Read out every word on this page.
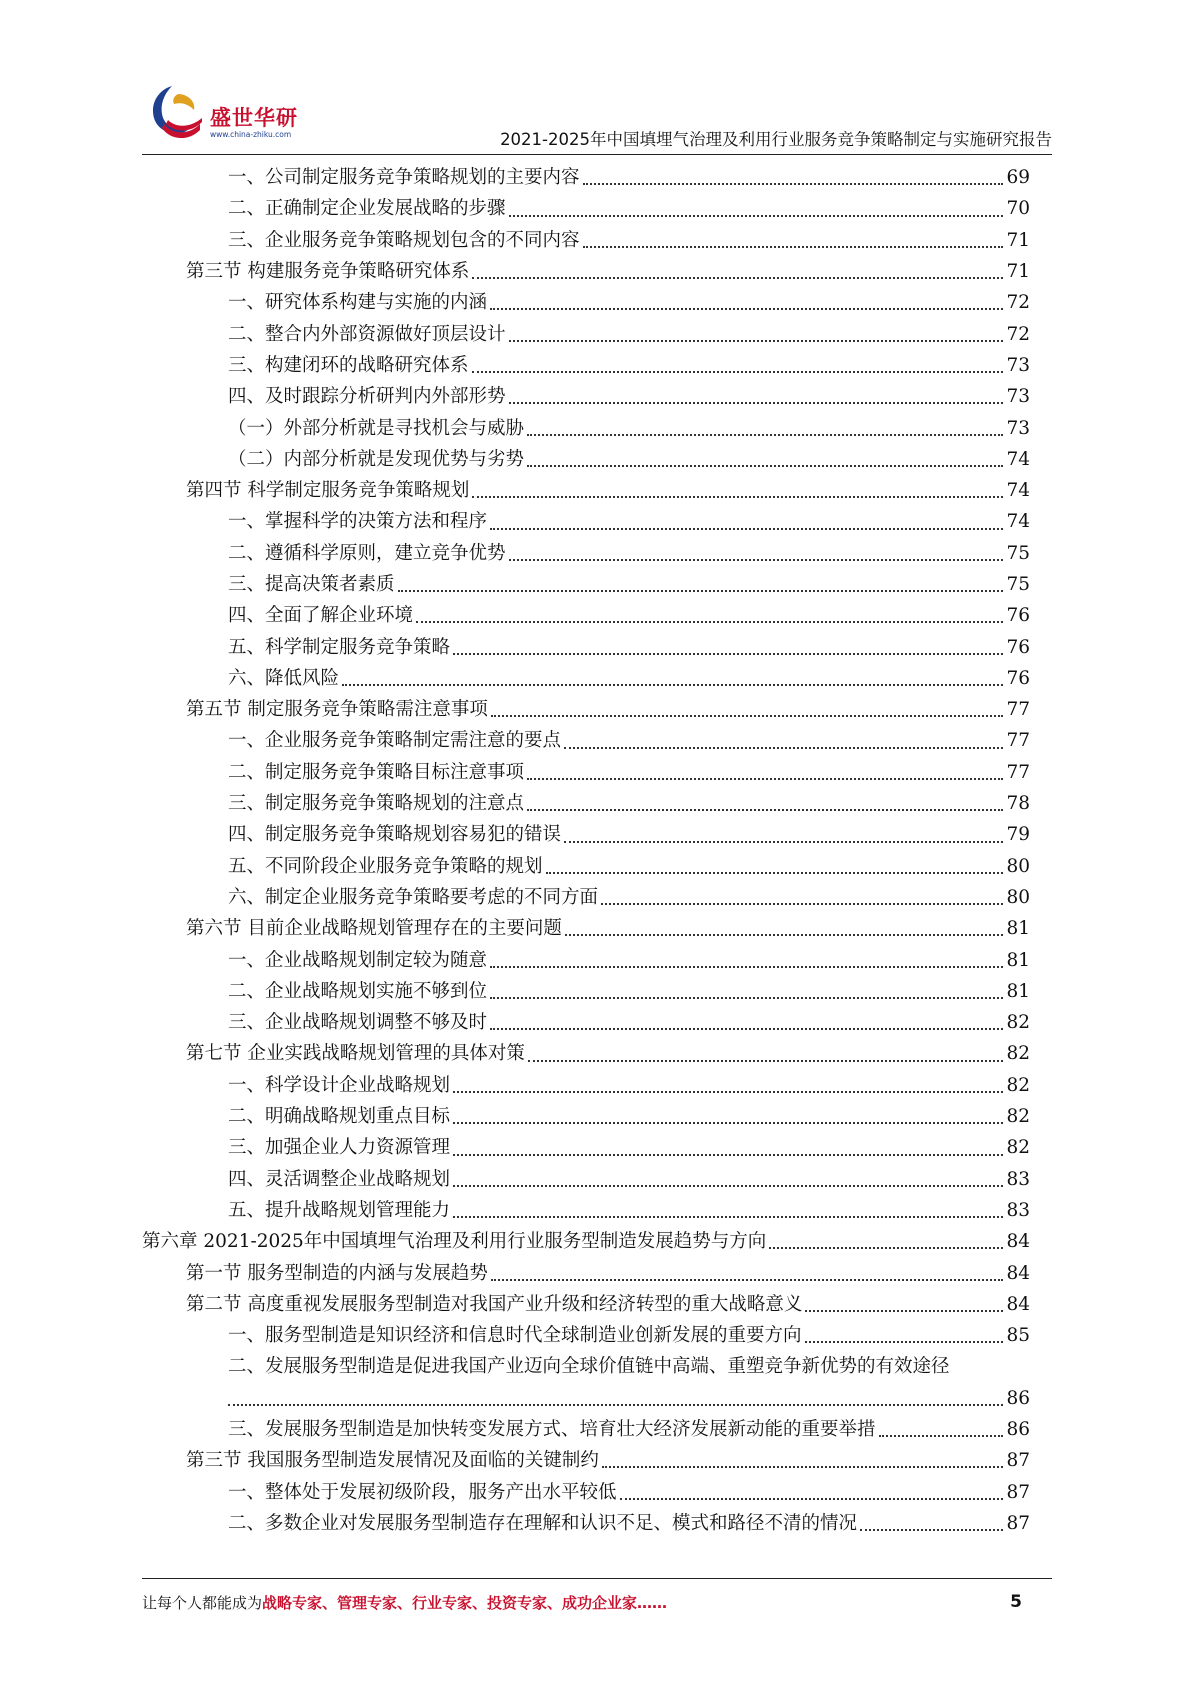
盛世华研
www.china-zhiku.com	2021-2025年中国填埋气治理及利用行业服务竞争策略制定与实施研究报告
一、公司制定服务竞争策略规划的主要内容	69
二、正确制定企业发展战略的步骤	70
三、企业服务竞争策略规划包含的不同内容	71
第三节 构建服务竞争策略研究体系	71
一、研究体系构建与实施的内涵	72
二、整合内外部资源做好顶层设计	72
三、构建闭环的战略研究体系	73
四、及时跟踪分析研判内外部形势	73
（一）外部分析就是寻找机会与威胁	73
（二）内部分析就是发现优势与劣势	74
第四节 科学制定服务竞争策略规划	74
一、掌握科学的决策方法和程序	74
二、遵循科学原则，建立竞争优势	75
三、提高决策者素质	75
四、全面了解企业环境	76
五、科学制定服务竞争策略	76
六、降低风险	76
第五节 制定服务竞争策略需注意事项	77
一、企业服务竞争策略制定需注意的要点	77
二、制定服务竞争策略目标注意事项	77
三、制定服务竞争策略规划的注意点	78
四、制定服务竞争策略规划容易犯的错误	79
五、不同阶段企业服务竞争策略的规划	80
六、制定企业服务竞争策略要考虑的不同方面	80
第六节 目前企业战略规划管理存在的主要问题	81
一、企业战略规划制定较为随意	81
二、企业战略规划实施不够到位	81
三、企业战略规划调整不够及时	82
第七节 企业实践战略规划管理的具体对策	82
一、科学设计企业战略规划	82
二、明确战略规划重点目标	82
三、加强企业人力资源管理	82
四、灵活调整企业战略规划	83
五、提升战略规划管理能力	83
第六章 2021-2025年中国填埋气治理及利用行业服务型制造发展趋势与方向	84
第一节 服务型制造的内涵与发展趋势	84
第二节 高度重视发展服务型制造对我国产业升级和经济转型的重大战略意义	84
一、服务型制造是知识经济和信息时代全球制造业创新发展的重要方向	85
二、发展服务型制造是促进我国产业迈向全球价值链中高端、重塑竞争新优势的有效途径
86
三、发展服务型制造是加快转变发展方式、培育壮大经济发展新动能的重要举措	86
第三节 我国服务型制造发展情况及面临的关键制约	87
一、整体处于发展初级阶段，服务产出水平较低	87
二、多数企业对发展服务型制造存在理解和认识不足、模式和路径不清的情况	87
让每个人都能成为战略专家、管理专家、行业专家、投资专家、成功企业家……	5
